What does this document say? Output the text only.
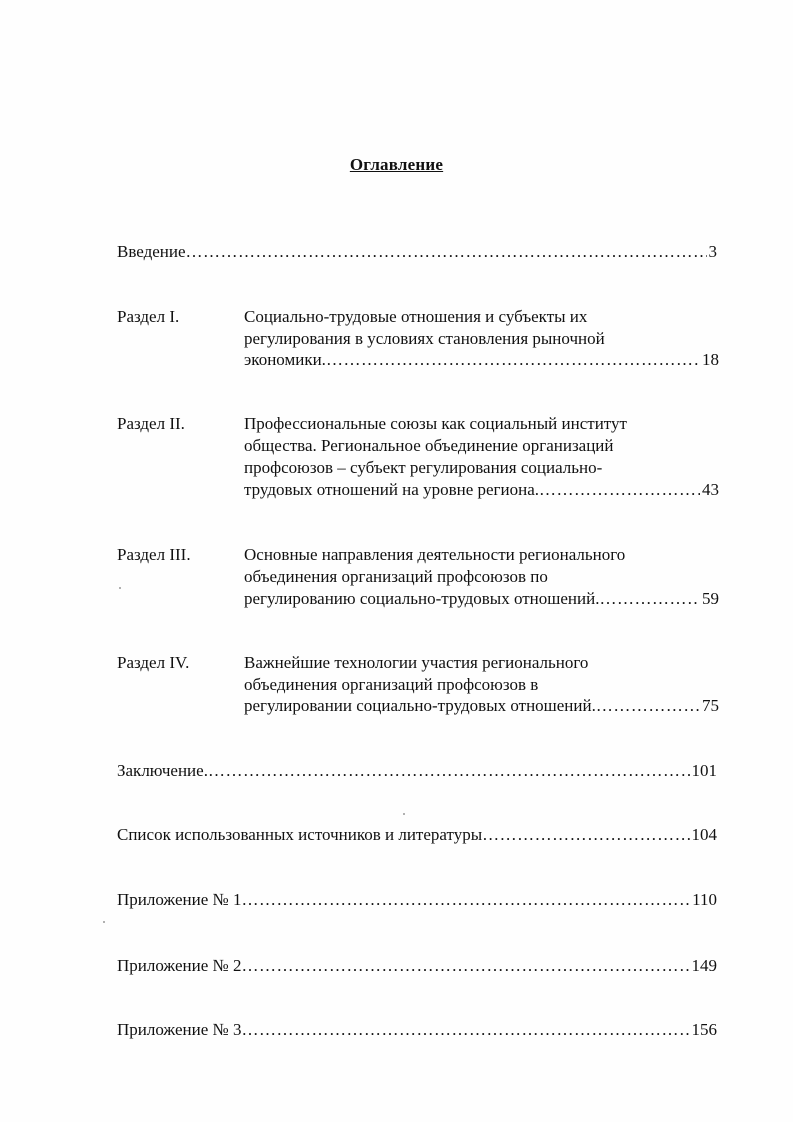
Оглавление
Введение …………………………………………………………………………………………………………………………………………………………	3
Раздел I.	Социально-трудовые отношения и субъекты их
регулирования в условиях становления рыночной
экономики. …………………………………………………………………………………………………………………………………………………………	18
Раздел II.	Профессиональные союзы как социальный институт
общества. Региональное объединение организаций
профсоюзов – субъект регулирования социально-
трудовых отношений на уровне региона. …………………………………………………………………………………………………………………………………………………………	43
Раздел III.	Основные направления деятельности регионального
объединения организаций профсоюзов по
регулированию социально-трудовых отношений. …………………………………………………………………………………………………………………………………………………………	59
Раздел IV.	Важнейшие технологии участия регионального
объединения организаций профсоюзов в
регулировании социально-трудовых отношений. …………………………………………………………………………………………………………………………………………………………	75
Заключение. …………………………………………………………………………………………………………………………………………………………	101
Список использованных источников и литературы …………………………………………………………………………………………………………………………………………………………	104
Приложение № 1 …………………………………………………………………………………………………………………………………………………………	110
Приложение № 2 …………………………………………………………………………………………………………………………………………………………	149
Приложение № 3 …………………………………………………………………………………………………………………………………………………………	156
